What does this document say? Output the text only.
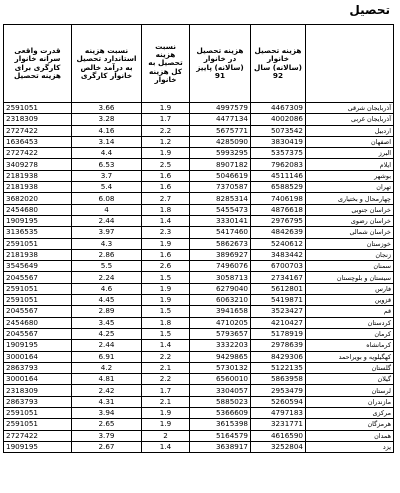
تحصیل
	هزینه تحصیل خانوار (سالانه) سال 92	هزینه تحصیل در خانوار (سالانه) پاییز 91	نسبت هزینه تحصیل به کل هزینه خانوار	نسبت هزینه استاندارد تحصیل به درآمد خالص خانوار کارگری	قدرت واقعی سرانه خانوار کارگری برای هزینه تحصیل
آذربایجان شرقی	4467309	4997579	1.9	3.66	2591051
آذربایجان غربی	4002086	4477134	1.7	3.28	2318309
اردبیل	5073542	5675771	2.2	4.16	2727422
اصفهان	3830419	4285090	1.2	3.14	1636453
البرز	5357375	5993295	1.9	4.4	2727422
ایلام	7962083	8907182	2.5	6.53	3409278
بوشهر	4511146	5046619	1.6	3.7	2181938
تهران	6588529	7370587	1.6	5.4	2181938
چهارمحال و بختیاری	7406198	8285314	2.7	6.08	3682020
خراسان جنوبی	4876618	5455473	1.8	4	2454680
خراسان رضوی	2976795	3330141	1.4	2.44	1909195
خراسان شمالی	4842639	5417460	2.3	3.97	3136535
خوزستان	5240612	5862673	1.9	4.3	2591051
زنجان	3483442	3896927	1.6	2.86	2181938
سمنان	6700703	7496076	2.6	5.5	3545649
سیستان و بلوچستان	2734167	3058713	1.5	2.24	2045567
فارس	5612801	6279040	1.9	4.6	2591051
قزوین	5419871	6063210	1.9	4.45	2591051
قم	3523427	3941658	1.5	2.89	2045567
کردستان	4210427	4710205	1.8	3.45	2454680
کرمان	5178919	5793657	1.5	4.25	2045567
کرمانشاه	2978639	3332203	1.4	2.44	1909195
کهگیلویه و بویراحمد	8429306	9429865	2.2	6.91	3000164
گلستان	5122135	5730132	2.1	4.2	2863793
گیلان	5863958	6560010	2.2	4.81	3000164
لرستان	2953479	3304057	1.7	2.42	2318309
مازندران	5260594	5885023	2.1	4.31	2863793
مرکزی	4797183	5366609	1.9	3.94	2591051
هرمزگان	3231771	3615398	1.9	2.65	2591051
همدان	4616590	5164579	2	3.79	2727422
یزد	3252804	3638917	1.4	2.67	1909195
